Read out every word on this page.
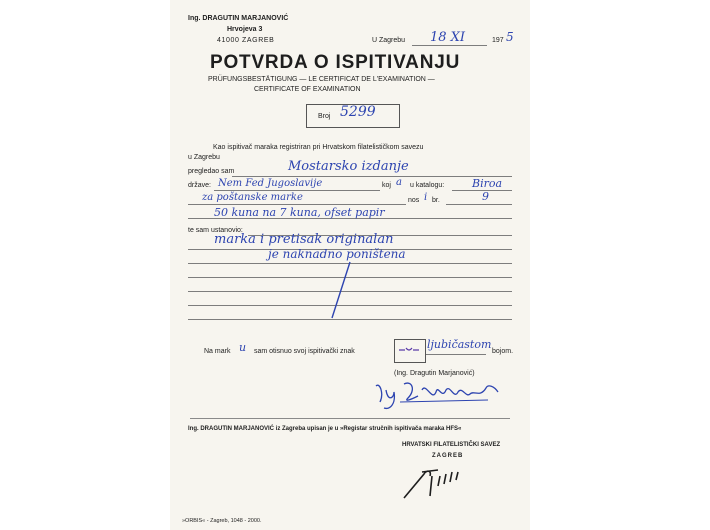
Ing. DRAGUTIN MARJANOVIĆ
Hrvojeva 3
41000 ZAGREB	U Zagrebu 18 XI	197 5
POTVRDA O ISPITIVANJU
PRÜFUNGSBESTÄTIGUNG — LE CERTIFICAT DE L'EXAMINATION —
CERTIFICATE OF EXAMINATION
Broj 5299
Kao ispitivač maraka registriran pri Hrvatskom filatelističkom savezu
u Zagrebu
pregledao sam	Mostarsko izdanje
države: Nem Fed Jugoslavije	koj a u katalogu:	Biroa
za poštanske marke	nos i br.	9
50 kuna na 7 kuna, ofset papir
te sam ustanovio:
marka i pretisak originalan
je naknadno poništena
Na mark u sam otisnuo svoj ispitivački znak
ljubičastom
bojom.
(Ing. Dragutin Marjanović)
Ing. DRAGUTIN MARJANOVIĆ iz Zagreba upisan je u »Registar stručnih ispitivača maraka HFS«
HRVATSKI FILATELISTIČKI SAVEZ
ZAGREB
»ORBIS« - Zagreb, 1048 - 2000.
